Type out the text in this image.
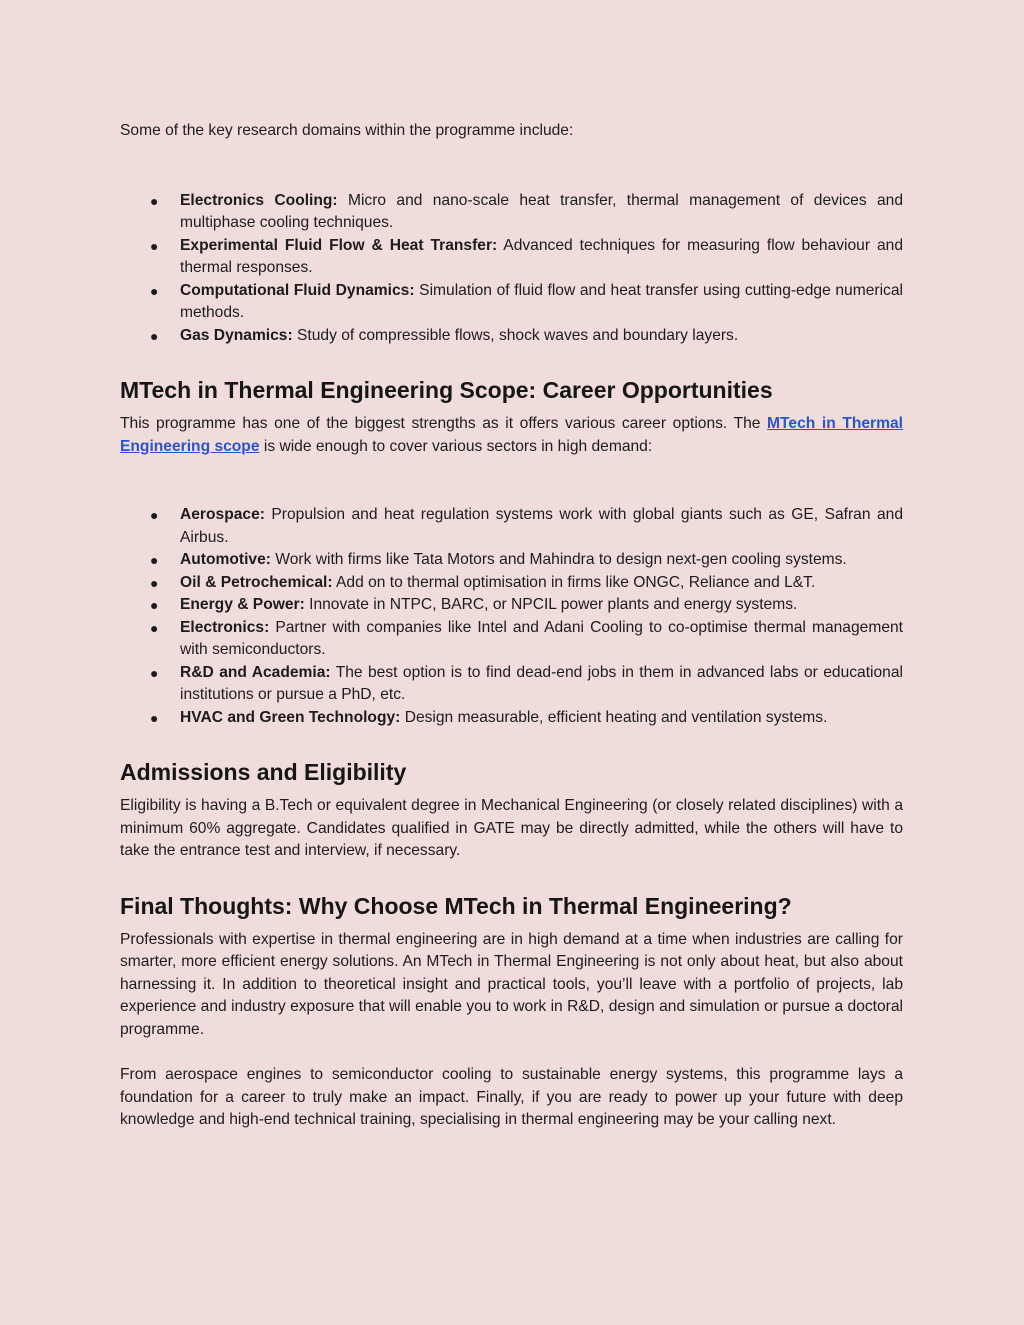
Some of the key research domains within the programme include:

● Electronics Cooling: Micro and nano-scale heat transfer, thermal management of devices and multiphase cooling techniques.
● Experimental Fluid Flow & Heat Transfer: Advanced techniques for measuring flow behaviour and thermal responses.
● Computational Fluid Dynamics: Simulation of fluid flow and heat transfer using cutting-edge numerical methods.
● Gas Dynamics: Study of compressible flows, shock waves and boundary layers.
MTech in Thermal Engineering Scope: Career Opportunities

This programme has one of the biggest strengths as it offers various career options. The MTech in Thermal Engineering scope is wide enough to cover various sectors in high demand:

● Aerospace: Propulsion and heat regulation systems work with global giants such as GE, Safran and Airbus.
● Automotive: Work with firms like Tata Motors and Mahindra to design next-gen cooling systems.
● Oil & Petrochemical: Add on to thermal optimisation in firms like ONGC, Reliance and L&T.
● Energy & Power: Innovate in NTPC, BARC, or NPCIL power plants and energy systems.
● Electronics: Partner with companies like Intel and Adani Cooling to co-optimise thermal management with semiconductors.
● R&D and Academia: The best option is to find dead-end jobs in them in advanced labs or educational institutions or pursue a PhD, etc.
● HVAC and Green Technology: Design measurable, efficient heating and ventilation systems.
Admissions and Eligibility

Eligibility is having a B.Tech or equivalent degree in Mechanical Engineering (or closely related disciplines) with a minimum 60% aggregate. Candidates qualified in GATE may be directly admitted, while the others will have to take the entrance test and interview, if necessary.

Final Thoughts: Why Choose MTech in Thermal Engineering?

Professionals with expertise in thermal engineering are in high demand at a time when industries are calling for smarter, more efficient energy solutions. An MTech in Thermal Engineering is not only about heat, but also about harnessing it. In addition to theoretical insight and practical tools, you’ll leave with a portfolio of projects, lab experience and industry exposure that will enable you to work in R&D, design and simulation or pursue a doctoral programme.

From aerospace engines to semiconductor cooling to sustainable energy systems, this programme lays a foundation for a career to truly make an impact. Finally, if you are ready to power up your future with deep knowledge and high-end technical training, specialising in thermal engineering may be your calling next.
